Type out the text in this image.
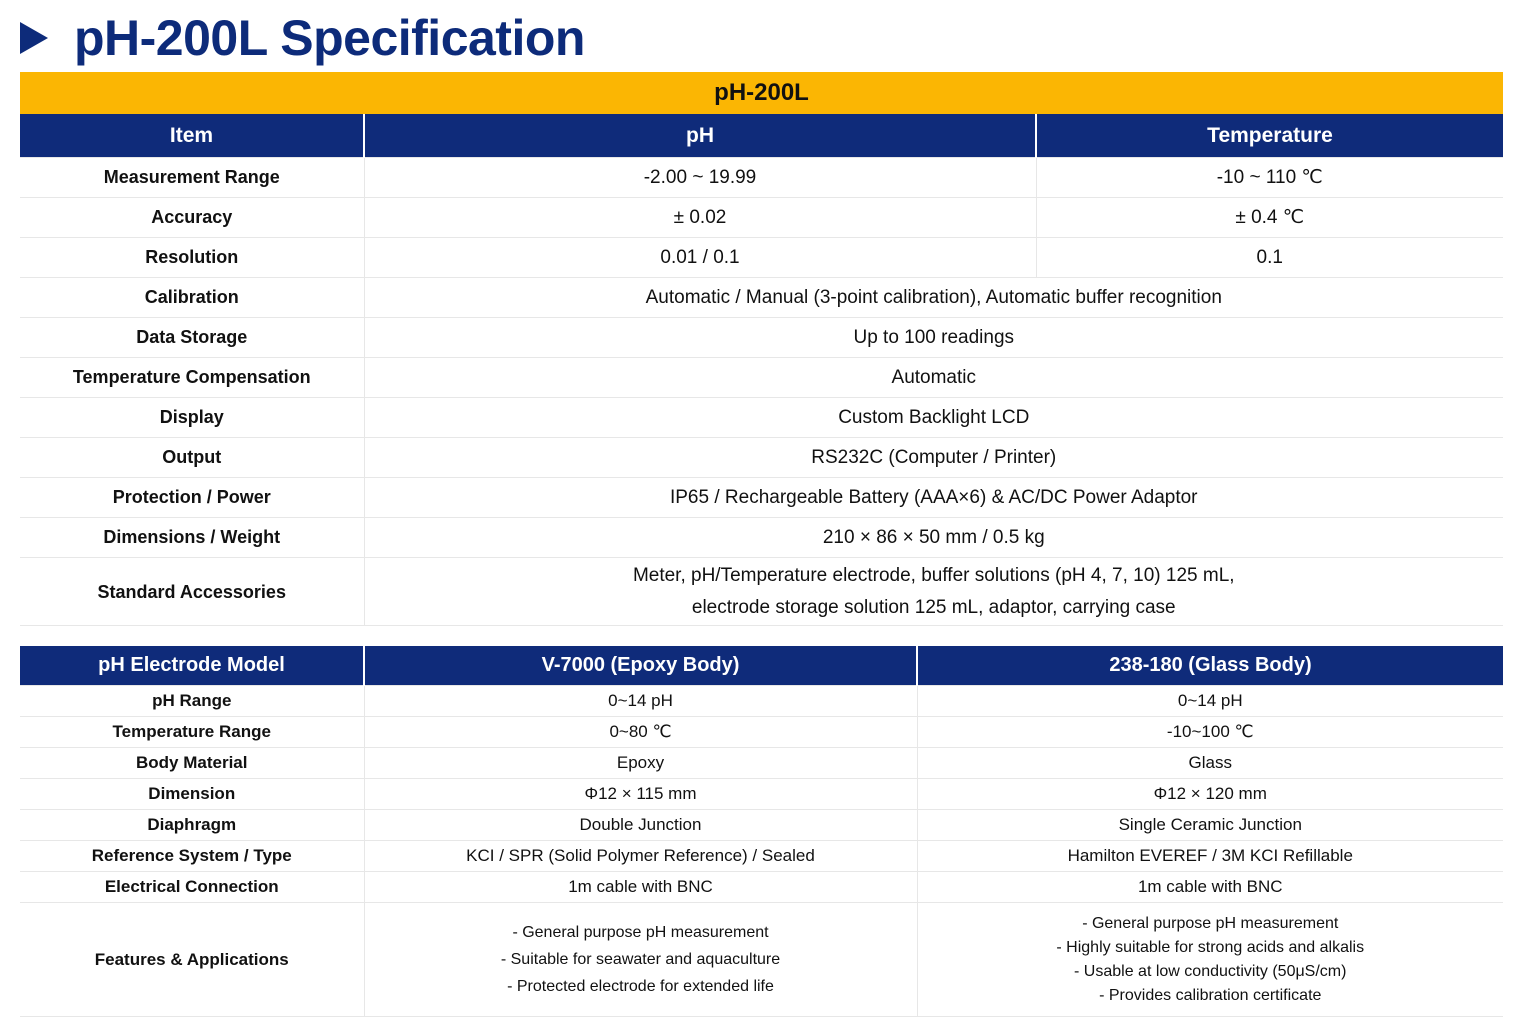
pH-200L Specification
pH-200L		
Item	pH	Temperature
Measurement Range	-2.00 ~ 19.99	-10 ~ 110 ℃
Accuracy	± 0.02	± 0.4 ℃
Resolution	0.01 / 0.1	0.1
Calibration	Automatic / Manual (3-point calibration), Automatic buffer recognition	
Data Storage	Up to 100 readings	
Temperature Compensation	Automatic	
Display	Custom Backlight LCD	
Output	RS232C (Computer / Printer)	
Protection / Power	IP65 / Rechargeable Battery (AAA×6) & AC/DC Power Adaptor	
Dimensions / Weight	210 × 86 × 50 mm / 0.5 kg	
Standard Accessories	Meter, pH/Temperature electrode, buffer solutions (pH 4, 7, 10) 125 mL,
electrode storage solution 125 mL, adaptor, carrying case	
pH Electrode Model	V-7000 (Epoxy Body)	238-180 (Glass Body)
pH Range	0~14 pH	0~14 pH
Temperature Range	0~80 ℃	-10~100 ℃
Body Material	Epoxy	Glass
Dimension	Φ12 × 115 mm	Φ12 × 120 mm
Diaphragm	Double Junction	Single Ceramic Junction
Reference System / Type	KCI / SPR (Solid Polymer Reference) / Sealed	Hamilton EVEREF / 3M KCI Refillable
Electrical Connection	1m cable with BNC	1m cable with BNC
Features & Applications	- General purpose pH measurement
- Suitable for seawater and aquaculture
- Protected electrode for extended life	- General purpose pH measurement
- Highly suitable for strong acids and alkalis
- Usable at low conductivity (50μS/cm)
- Provides calibration certificate
